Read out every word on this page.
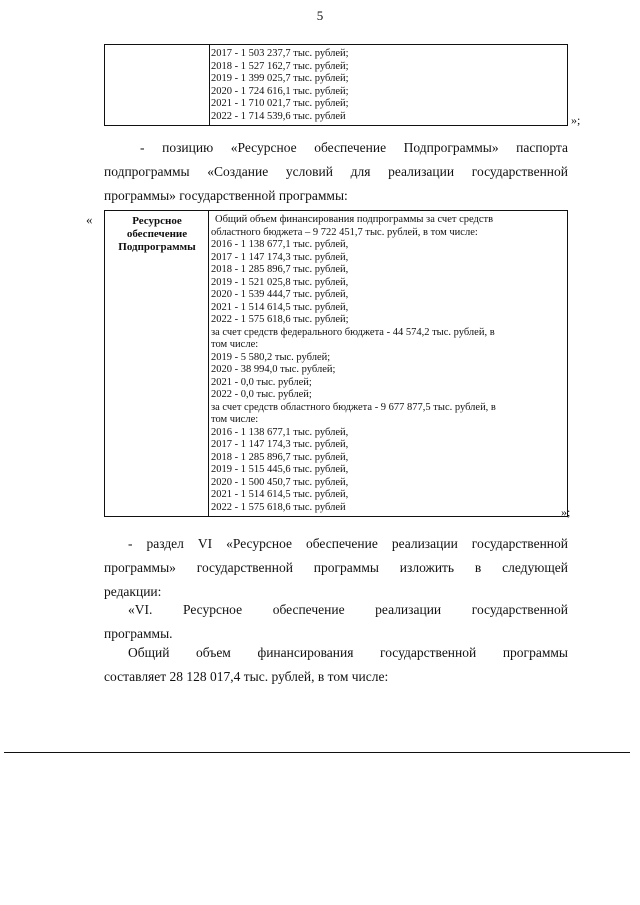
5
2017 - 1 503 237,7 тыс. рублей;
2018 - 1 527 162,7 тыс. рублей;
2019 - 1 399 025,7 тыс. рублей;
2020 - 1 724 616,1 тыс. рублей;
2021 - 1 710 021,7 тыс. рублей;
2022 - 1 714 539,6 тыс. рублей	»;
- позицию «Ресурсное обеспечение Подпрограммы» паспорта
подпрограммы «Создание условий для реализации государственной
программы» государственной программы:
«	Ресурсное
обеспечение
Подпрограммы
Общий объем финансирования подпрограммы за счет средств
областного бюджета – 9 722 451,7 тыс. рублей, в том числе:
2016 - 1 138 677,1 тыс. рублей,
2017 - 1 147 174,3 тыс. рублей,
2018 - 1 285 896,7 тыс. рублей,
2019 - 1 521 025,8 тыс. рублей,
2020 - 1 539 444,7 тыс. рублей,
2021 - 1 514 614,5 тыс. рублей,
2022 - 1 575 618,6 тыс. рублей;
за счет средств федерального бюджета - 44 574,2 тыс. рублей, в
том числе:
2019 - 5 580,2 тыс. рублей;
2020 - 38 994,0 тыс. рублей;
2021 - 0,0 тыс. рублей;
2022 - 0,0 тыс. рублей;
за счет средств областного бюджета - 9 677 877,5 тыс. рублей, в
том числе:
2016 - 1 138 677,1 тыс. рублей,
2017 - 1 147 174,3 тыс. рублей,
2018 - 1 285 896,7 тыс. рублей,
2019 - 1 515 445,6 тыс. рублей,
2020 - 1 500 450,7 тыс. рублей,
2021 - 1 514 614,5 тыс. рублей,
2022 - 1 575 618,6 тыс. рублей	»;
- раздел VI «Ресурсное обеспечение реализации государственной
программы» государственной программы изложить в следующей
редакции:
«VI. Ресурсное обеспечение реализации государственной
программы.
Общий объем финансирования государственной программы
составляет 28 128 017,4 тыс. рублей, в том числе:
